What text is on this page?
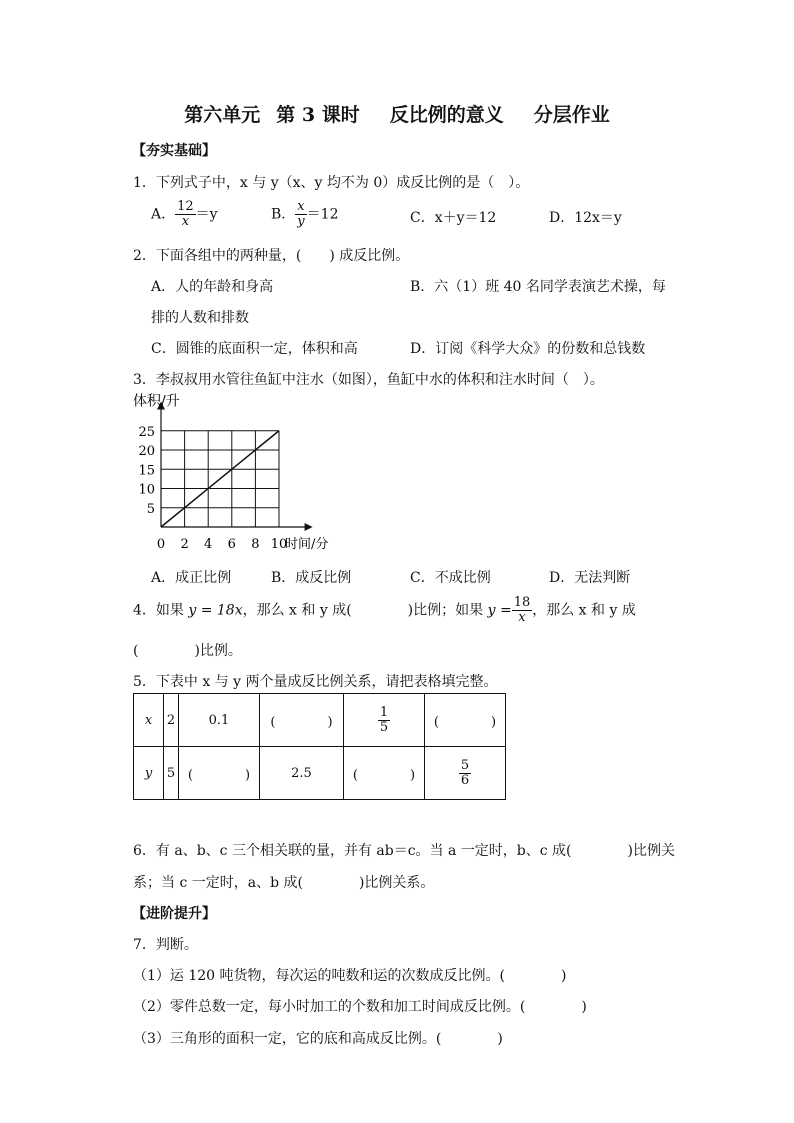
第六单元 第 3 课时 反比例的意义 分层作业
【夯实基础】
1．下列式子中，x 与 y（x、y 均不为 0）成反比例的是（　）。
A． $\frac{12}{x} =y$	B． $\frac{x}{y} =12$	C．x＋y＝12	D．12x＝y
2．下面各组中的两种量，(　　) 成反比例。
A．人的年龄和身高	B．六（1）班 40 名同学表演艺术操，每
排的人数和排数
C．圆锥的底面积一定，体积和高	D．订阅《科学大众》的份数和总钱数
3．李叔叔用水管往鱼缸中注水（如图），鱼缸中水的体积和注水时间（　）。
0 2 4 6 8 10
5
10
15
20
25
时间/分
体积/升
A．成正比例	B．成反比例	C．不成比例	D．无法判断
4．如果 y = 18x，那么 x 和 y 成(　　　　)比例；如果 $y = \frac{18}{x}$ ，那么 x 和 y 成
(　　　　)比例。
5．下表中 x 与 y 两个量成反比例关系，请把表格填完整。
x	2	0.1	(　　　　)	$\frac{1}{5}$	(　　　　)
y	5	(　　　　)	2.5	(　　　　)	$\frac{5}{6}$
6．有 a、b、c 三个相关联的量，并有 ab＝c。当 a 一定时，b、c 成(　　　　)比例关
系；当 c 一定时，a、b 成(　　　　)比例关系。
【进阶提升】
7．判断。
（1）运 120 吨货物，每次运的吨数和运的次数成反比例。(　　　　)
（2）零件总数一定，每小时加工的个数和加工时间成反比例。(　　　　)
（3）三角形的面积一定，它的底和高成反比例。(　　　　)
